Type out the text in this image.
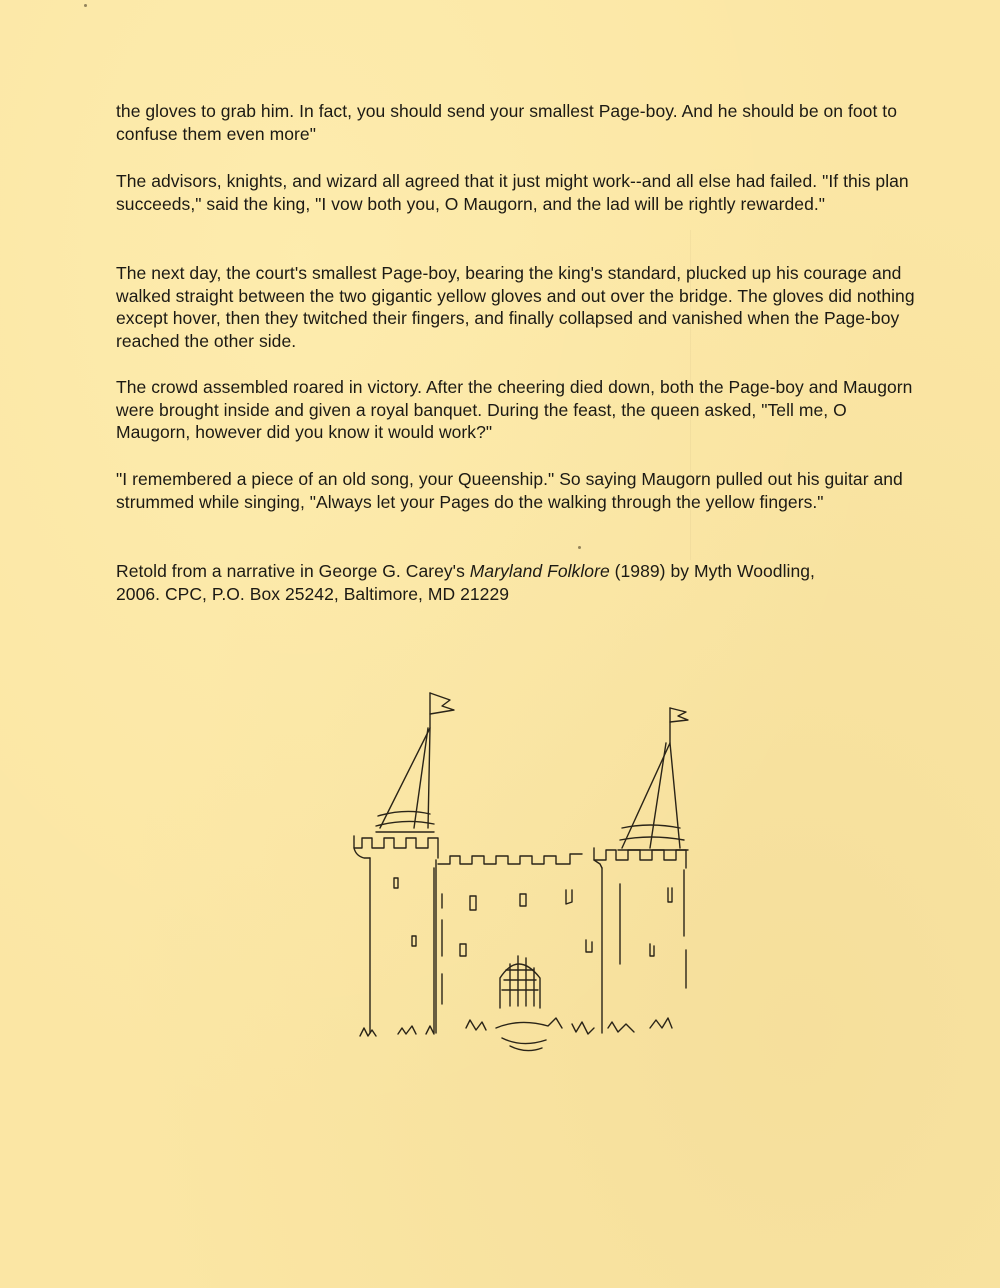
the gloves to grab him. In fact, you should send your smallest Page-boy. And he should be on foot to confuse them even more"

The advisors, knights, and wizard all agreed that it just might work--and all else had failed. "If this plan succeeds," said the king, "I vow both you, O Maugorn, and the lad will be rightly rewarded."

The next day, the court's smallest Page-boy, bearing the king's standard, plucked up his courage and walked straight between the two gigantic yellow gloves and out over the bridge. The gloves did nothing except hover, then they twitched their fingers, and finally collapsed and vanished when the Page-boy reached the other side.

The crowd assembled roared in victory. After the cheering died down, both the Page-boy and Maugorn were brought inside and given a royal banquet. During the feast, the queen asked, "Tell me, O Maugorn, however did you know it would work?"

"I remembered a piece of an old song, your Queenship." So saying Maugorn pulled out his guitar and strummed while singing, "Always let your Pages do the walking through the yellow fingers."

Retold from a narrative in George G. Carey's Maryland Folklore (1989) by Myth Woodling, 2006. CPC, P.O. Box 25242, Baltimore, MD 21229
